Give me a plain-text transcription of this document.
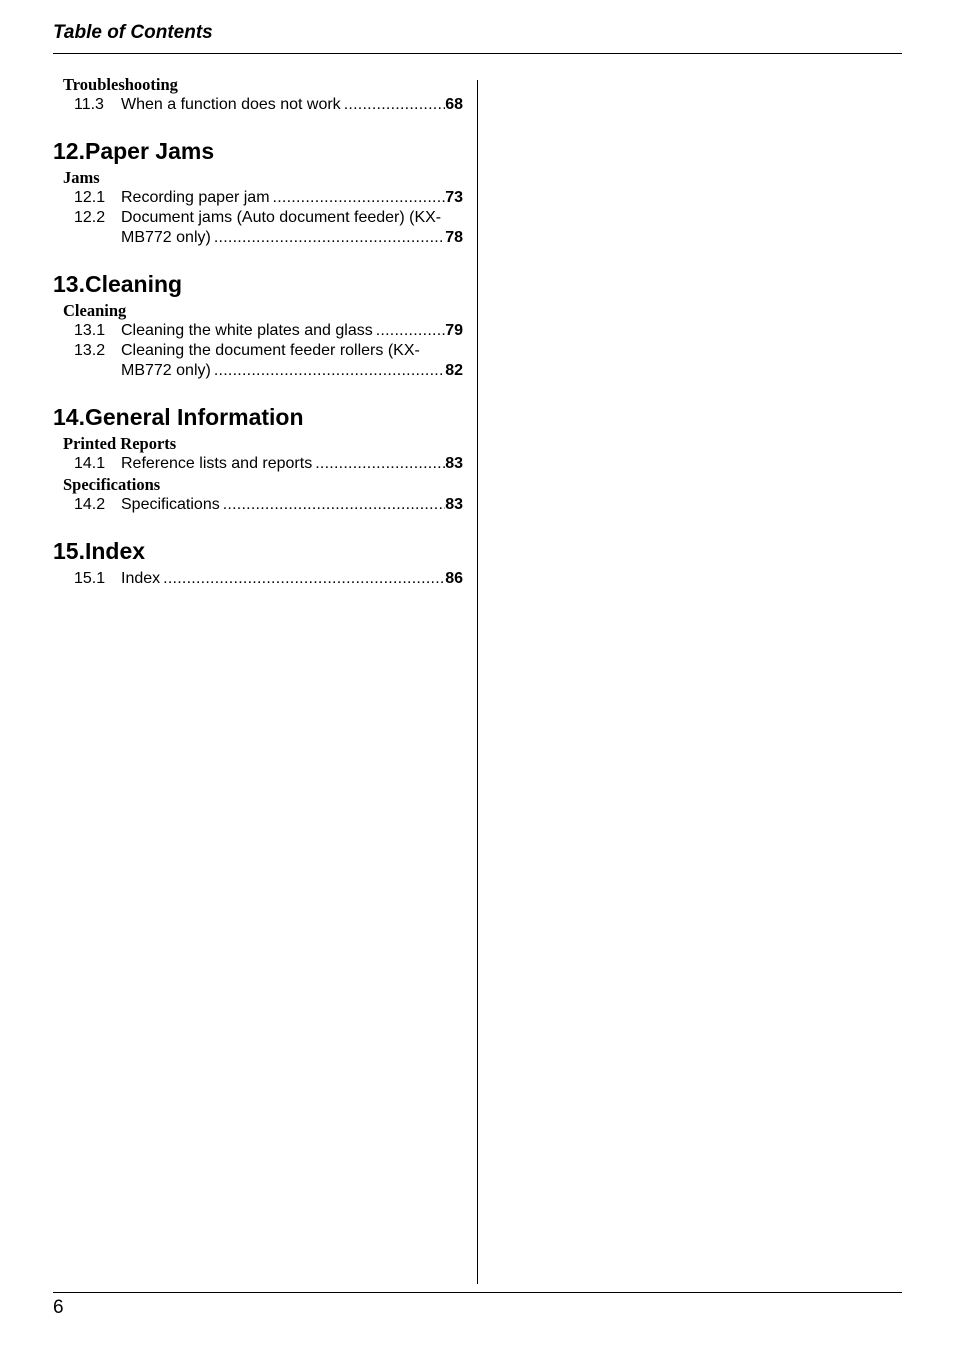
Table of Contents
Troubleshooting
11.3	When a function does not work . . .	68
12.Paper Jams
Jams
12.1 Recording paper jam . . .	73
12.2 Document jams (Auto document feeder) (KX-
MB772 only) . . .	78
13.Cleaning
Cleaning
13.1 Cleaning the white plates and glass . . .	79
13.2 Cleaning the document feeder rollers (KX-
MB772 only) . . .	82
14.General Information
Printed Reports
14.1 Reference lists and reports . . .	83
Specifications
14.2 Specifications . . .	83
15.Index
15.1 Index . . .	86
6
